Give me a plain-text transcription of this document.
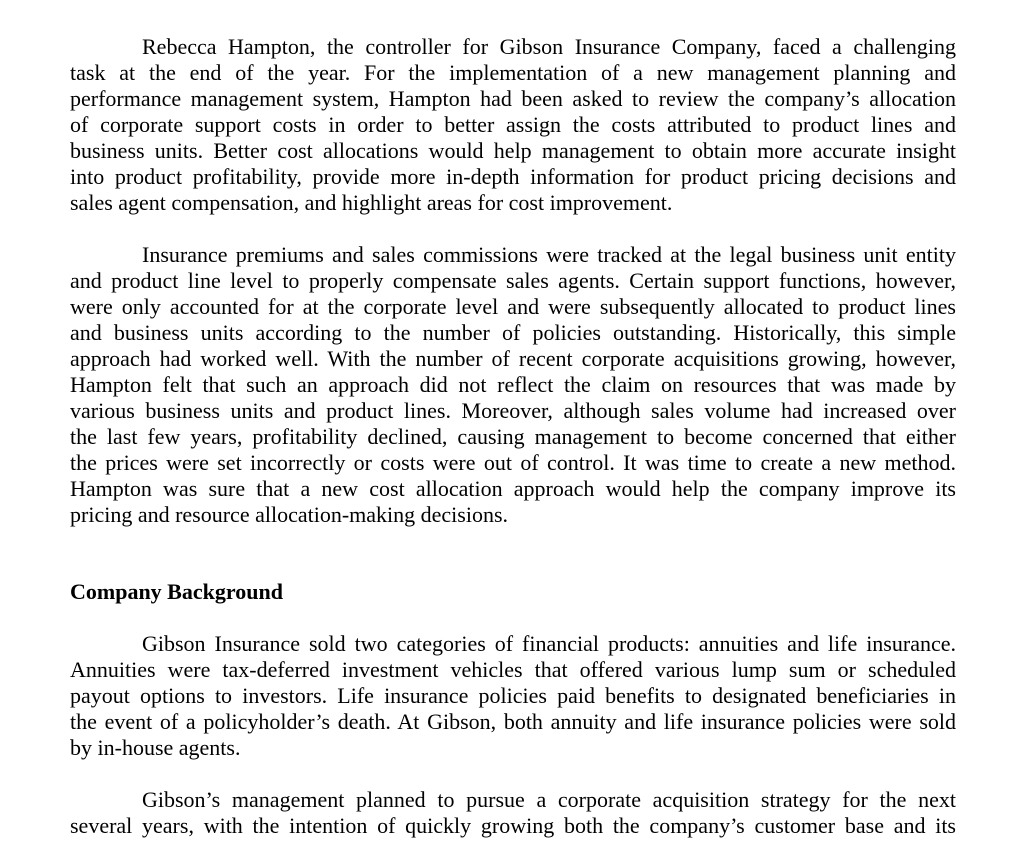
Rebecca Hampton, the controller for Gibson Insurance Company, faced a challenging
task at the end of the year. For the implementation of a new management planning and
performance management system, Hampton had been asked to review the company’s allocation
of corporate support costs in order to better assign the costs attributed to product lines and
business units. Better cost allocations would help management to obtain more accurate insight
into product profitability, provide more in-depth information for product pricing decisions and
sales agent compensation, and highlight areas for cost improvement.
Insurance premiums and sales commissions were tracked at the legal business unit entity
and product line level to properly compensate sales agents. Certain support functions, however,
were only accounted for at the corporate level and were subsequently allocated to product lines
and business units according to the number of policies outstanding. Historically, this simple
approach had worked well. With the number of recent corporate acquisitions growing, however,
Hampton felt that such an approach did not reflect the claim on resources that was made by
various business units and product lines. Moreover, although sales volume had increased over
the last few years, profitability declined, causing management to become concerned that either
the prices were set incorrectly or costs were out of control. It was time to create a new method.
Hampton was sure that a new cost allocation approach would help the company improve its
pricing and resource allocation-making decisions.
Company Background
Gibson Insurance sold two categories of financial products: annuities and life insurance.
Annuities were tax-deferred investment vehicles that offered various lump sum or scheduled
payout options to investors. Life insurance policies paid benefits to designated beneficiaries in
the event of a policyholder’s death. At Gibson, both annuity and life insurance policies were sold
by in-house agents.
Gibson’s management planned to pursue a corporate acquisition strategy for the next
several years, with the intention of quickly growing both the company’s customer base and its
